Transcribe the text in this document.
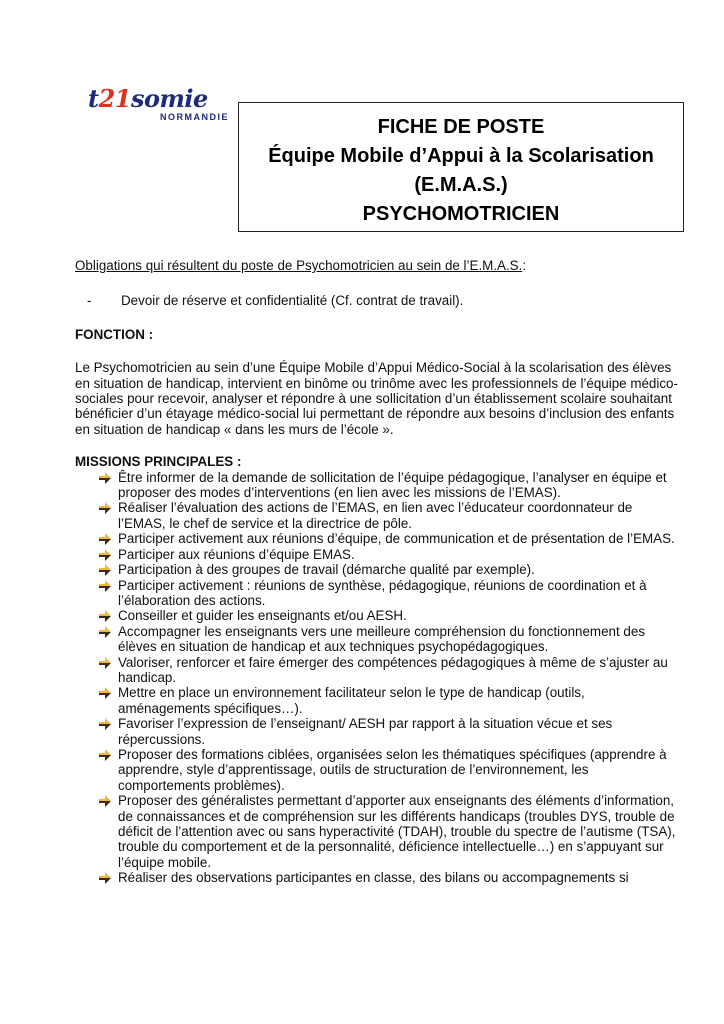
t21somie
NORMANDIE	FICHE DE POSTE
Équipe Mobile d’Appui à la Scolarisation
(E.M.A.S.)
PSYCHOMOTRICIEN

Obligations qui résultent du poste de Psychomotricien au sein de l’E.M.A.S.:

-	Devoir de réserve et confidentialité (Cf. contrat de travail).

FONCTION :

Le Psychomotricien au sein d’une Équipe Mobile d’Appui Médico-Social à la scolarisation des élèves en situation de handicap, intervient en binôme ou trinôme avec les professionnels de l’équipe médico-sociales pour recevoir, analyser et répondre à une sollicitation d’un établissement scolaire souhaitant bénéficier d’un étayage médico-social lui permettant de répondre aux besoins d’inclusion des enfants en situation de handicap « dans les murs de l’école ».

MISSIONS PRINCIPALES :

Être informer de la demande de sollicitation de l’équipe pédagogique, l’analyser en équipe et proposer des modes d’interventions (en lien avec les missions de l’EMAS).
Réaliser l’évaluation des actions de l’EMAS, en lien avec l’éducateur coordonnateur de l’EMAS, le chef de service et la directrice de pôle.
Participer activement aux réunions d’équipe, de communication et de présentation de l’EMAS.
Participer aux réunions d’équipe EMAS.
Participation à des groupes de travail (démarche qualité par exemple).
Participer activement : réunions de synthèse, pédagogique, réunions de coordination et à l’élaboration des actions.
Conseiller et guider les enseignants et/ou AESH.
Accompagner les enseignants vers une meilleure compréhension du fonctionnement des élèves en situation de handicap et aux techniques psychopédagogiques.
Valoriser, renforcer et faire émerger des compétences pédagogiques à même de s’ajuster au handicap.
Mettre en place un environnement facilitateur selon le type de handicap (outils, aménagements spécifiques…).
Favoriser l’expression de l’enseignant/ AESH par rapport à la situation vécue et ses répercussions.
Proposer des formations ciblées, organisées selon les thématiques spécifiques (apprendre à apprendre, style d’apprentissage, outils de structuration de l’environnement, les comportements problèmes).
Proposer des généralistes permettant d’apporter aux enseignants des éléments d’information, de connaissances et de compréhension sur les différents handicaps (troubles DYS, trouble de déficit de l’attention avec ou sans hyperactivité (TDAH), trouble du spectre de l’autisme (TSA), trouble du comportement et de la personnalité, déficience intellectuelle…) en s’appuyant sur l’équipe mobile.
Réaliser des observations participantes en classe, des bilans ou accompagnements si
